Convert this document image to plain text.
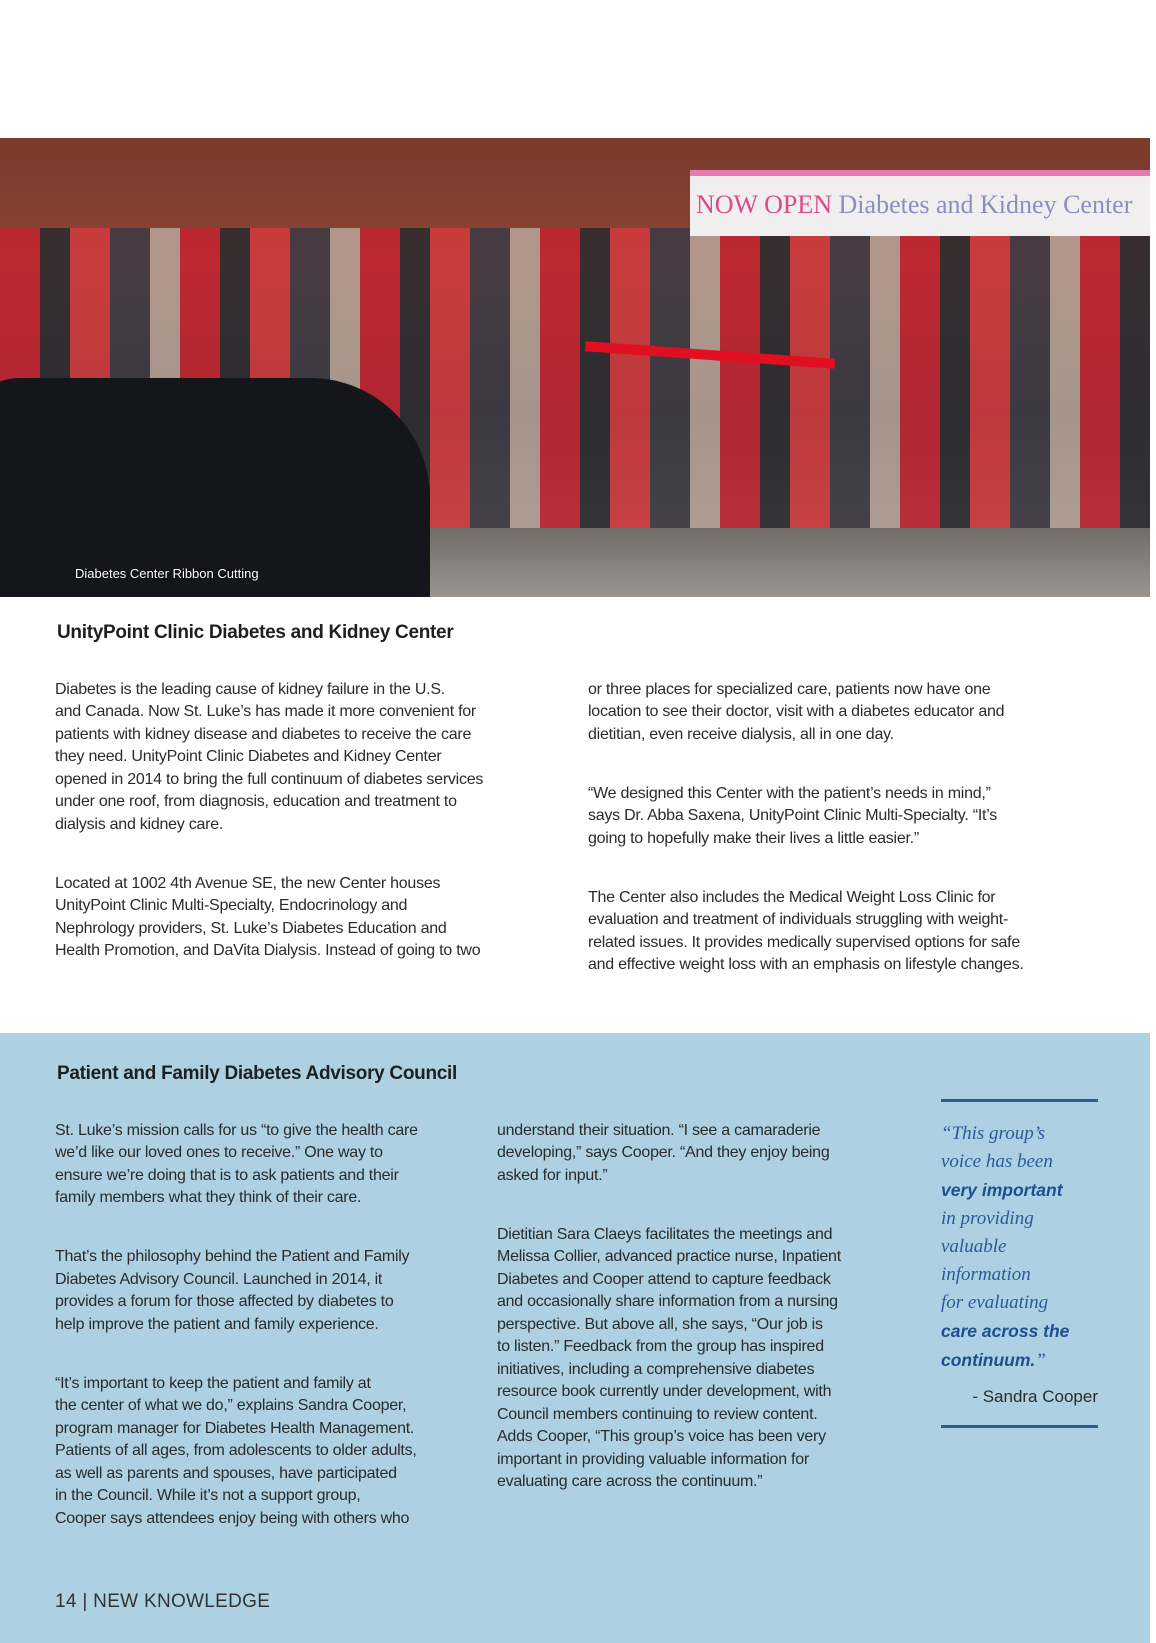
NOW OPEN Diabetes and Kidney Center
Diabetes Center Ribbon Cutting
UnityPoint Clinic Diabetes and Kidney Center

Diabetes is the leading cause of kidney failure in the U.S.
and Canada. Now St. Luke’s has made it more convenient for
patients with kidney disease and diabetes to receive the care
they need. UnityPoint Clinic Diabetes and Kidney Center
opened in 2014 to bring the full continuum of diabetes services
under one roof, from diagnosis, education and treatment to
dialysis and kidney care.

Located at 1002 4th Avenue SE, the new Center houses
UnityPoint Clinic Multi-Specialty, Endocrinology and
Nephrology providers, St. Luke’s Diabetes Education and
Health Promotion, and DaVita Dialysis. Instead of going to two

or three places for specialized care, patients now have one
location to see their doctor, visit with a diabetes educator and
dietitian, even receive dialysis, all in one day.

“We designed this Center with the patient’s needs in mind,”
says Dr. Abba Saxena, UnityPoint Clinic Multi-Specialty. “It’s
going to hopefully make their lives a little easier.”

The Center also includes the Medical Weight Loss Clinic for
evaluation and treatment of individuals struggling with weight-
related issues. It provides medically supervised options for safe
and effective weight loss with an emphasis on lifestyle changes.

Patient and Family Diabetes Advisory Council

St. Luke’s mission calls for us “to give the health care
we’d like our loved ones to receive.” One way to
ensure we’re doing that is to ask patients and their
family members what they think of their care.

That’s the philosophy behind the Patient and Family
Diabetes Advisory Council. Launched in 2014, it
provides a forum for those affected by diabetes to
help improve the patient and family experience.

“It’s important to keep the patient and family at
the center of what we do,” explains Sandra Cooper,
program manager for Diabetes Health Management.
Patients of all ages, from adolescents to older adults,
as well as parents and spouses, have participated
in the Council. While it’s not a support group,
Cooper says attendees enjoy being with others who

understand their situation. “I see a camaraderie
developing,” says Cooper. “And they enjoy being
asked for input.”

Dietitian Sara Claeys facilitates the meetings and
Melissa Collier, advanced practice nurse, Inpatient
Diabetes and Cooper attend to capture feedback
and occasionally share information from a nursing
perspective. But above all, she says, “Our job is
to listen.” Feedback from the group has inspired
initiatives, including a comprehensive diabetes
resource book currently under development, with
Council members continuing to review content.
Adds Cooper, “This group’s voice has been very
important in providing valuable information for
evaluating care across the continuum.”

“This group’s
voice has been
very important
in providing
valuable
information
for evaluating
care across the
continuum.”
- Sandra Cooper
14 | NEW KNOWLEDGE
